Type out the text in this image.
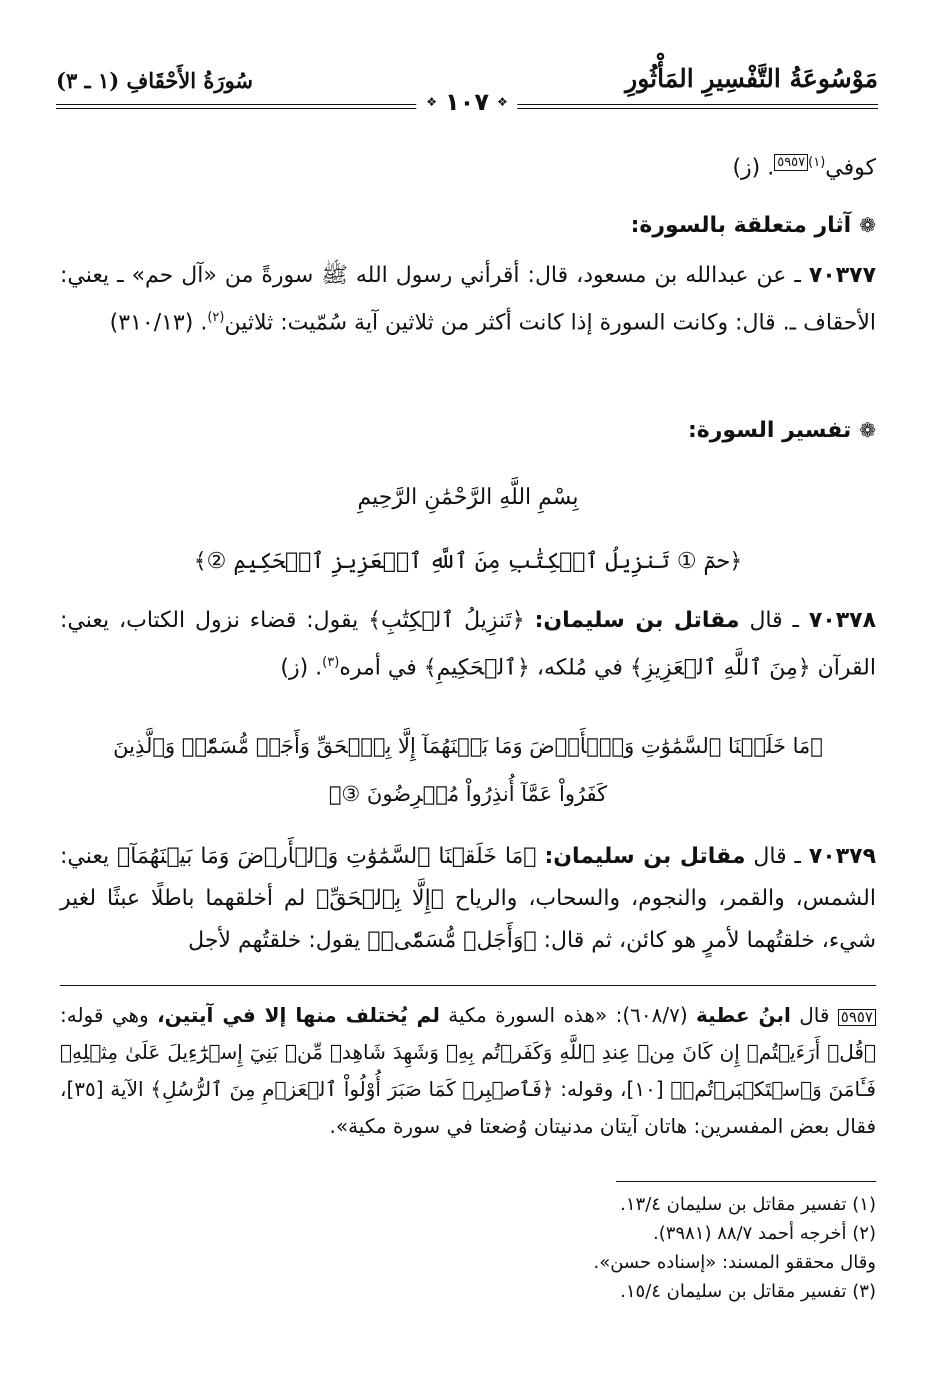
مَوْسُوعَةُ التَّفْسِيرِ المَأْثُورِ
سُورَةُ الأَحْقَافِ (١ ـ ٣)
❖ ١٠٧ ❖
كوفي$^{(١)}$٥٩٥٧. (ز)
❁آثار متعلقة بالسورة:
٧٠٣٧٧ ـ عن عبدالله بن مسعود، قال: أقرأني رسول الله ﷺ سورةً من «آل حم» ـ يعني: الأحقاف ـ. قال: وكانت السورة إذا كانت أكثر من ثلاثين آية سُمّيت: ثلاثين$^{(٢)}$. (٣١٠/١٣)
❁تفسير السورة:
بِسْمِ اللَّهِ الرَّحْمَٰنِ الرَّحِيمِ
﴿حمٓ ① تَنزِيلُ ٱلۡكِتَٰبِ مِنَ ٱللَّهِ ٱلۡعَزِيزِ ٱلۡحَكِيمِ ②﴾
٧٠٣٧٨ ـ قال مقاتل بن سليمان: ﴿تَنزِيلُ ٱلۡكِتَٰبِ﴾ يقول: قضاء نزول الكتاب، يعني: القرآن ﴿مِنَ ٱللَّهِ ٱلۡعَزِيزِ﴾ في مُلكه، ﴿ٱلۡحَكِيمِ﴾ في أمره$^{(٣)}$. (ز)
﴿مَا خَلَقۡنَا ٱلسَّمَٰوَٰتِ وَٱلۡأَرۡضَ وَمَا بَيۡنَهُمَآ إِلَّا بِٱلۡحَقِّ وَأَجَلٖ مُّسَمّٗىۚ وَٱلَّذِينَ كَفَرُواْ عَمَّآ أُنذِرُواْ مُعۡرِضُونَ ③﴾
٧٠٣٧٩ ـ قال مقاتل بن سليمان: ﴿مَا خَلَقۡنَا ٱلسَّمَٰوَٰتِ وَٱلۡأَرۡضَ وَمَا بَيۡنَهُمَآ﴾ يعني: الشمس، والقمر، والنجوم، والسحاب، والرياح ﴿إِلَّا بِٱلۡحَقِّ﴾ لم أخلقهما باطلًا عبثًا لغير شيء، خلقتُهما لأمرٍ هو كائن، ثم قال: ﴿وَأَجَلٖ مُّسَمّٗىۚ﴾ يقول: خلقتُهم لأجل
٥٩٥٧ قال ابنُ عطية (٦٠٨/٧): «هذه السورة مكية لم يُختلف منها إلا في آيتين، وهي قوله: ﴿قُلۡ أَرَءَيۡتُمۡ إِن كَانَ مِنۡ عِندِ ٱللَّهِ وَكَفَرۡتُم بِهِۦ وَشَهِدَ شَاهِدٞ مِّنۢ بَنِيٓ إِسۡرَٰٓءِيلَ عَلَىٰ مِثۡلِهِۦ فَـَٔامَنَ وَٱسۡتَكۡبَرۡتُمۡ﴾ [١٠]، وقوله: ﴿فَٱصۡبِرۡ كَمَا صَبَرَ أُوْلُواْ ٱلۡعَزۡمِ مِنَ ٱلرُّسُلِ﴾ الآية [٣٥]، فقال بعض المفسرين: هاتان آيتان مدنيتان وُضعتا في سورة مكية».
(١) تفسير مقاتل بن سليمان ١٣/٤.
(٢) أخرجه أحمد ٨٨/٧ (٣٩٨١).
وقال محققو المسند: «إسناده حسن».
(٣) تفسير مقاتل بن سليمان ١٥/٤.
